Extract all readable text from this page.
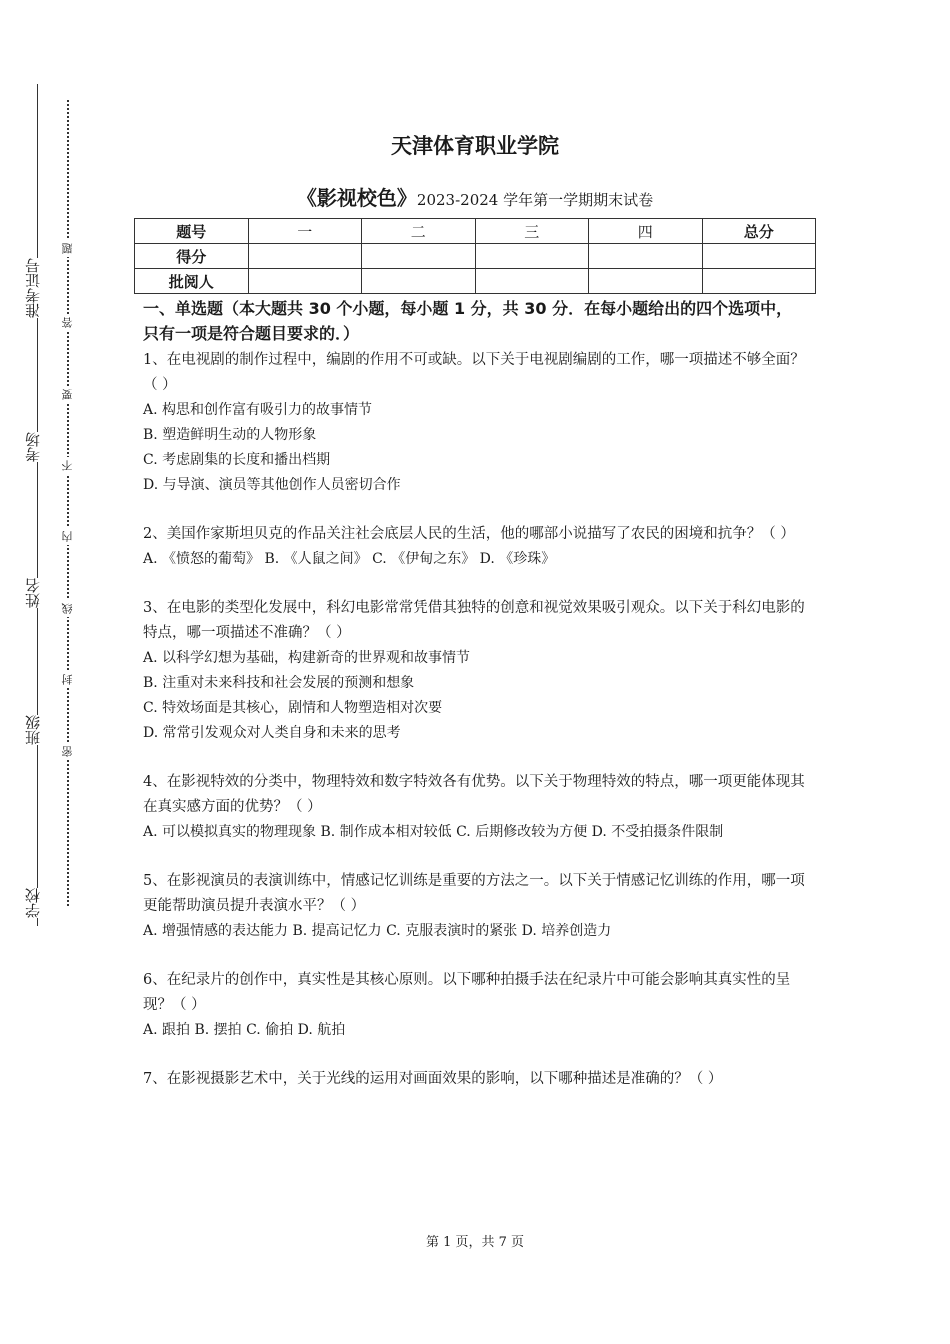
准考证号
考场
姓名
班级
学校
题
答
要
不
内
线
封
密
天津体育职业学院
《影视校色》2023-2024 学年第一学期期末试卷
题号	一	二	三	四	总分
得分					
批阅人					

一、单选题（本大题共 30 个小题，每小题 1 分，共 30 分．在每小题给出的四个选项中，只有一项是符合题目要求的．）

1、在电视剧的制作过程中，编剧的作用不可或缺。以下关于电视剧编剧的工作，哪一项描述不够全面？（ ）

A. 构思和创作富有吸引力的故事情节

B. 塑造鲜明生动的人物形象

C. 考虑剧集的长度和播出档期

D. 与导演、演员等其他创作人员密切合作

2、美国作家斯坦贝克的作品关注社会底层人民的生活，他的哪部小说描写了农民的困境和抗争？（ ）

A. 《愤怒的葡萄》 B. 《人鼠之间》 C. 《伊甸之东》 D. 《珍珠》

3、在电影的类型化发展中，科幻电影常常凭借其独特的创意和视觉效果吸引观众。以下关于科幻电影的特点，哪一项描述不准确？（ ）

A. 以科学幻想为基础，构建新奇的世界观和故事情节

B. 注重对未来科技和社会发展的预测和想象

C. 特效场面是其核心，剧情和人物塑造相对次要

D. 常常引发观众对人类自身和未来的思考

4、在影视特效的分类中，物理特效和数字特效各有优势。以下关于物理特效的特点，哪一项更能体现其在真实感方面的优势？（ ）

A. 可以模拟真实的物理现象 B. 制作成本相对较低 C. 后期修改较为方便 D. 不受拍摄条件限制

5、在影视演员的表演训练中，情感记忆训练是重要的方法之一。以下关于情感记忆训练的作用，哪一项更能帮助演员提升表演水平？（ ）

A. 增强情感的表达能力 B. 提高记忆力 C. 克服表演时的紧张 D. 培养创造力

6、在纪录片的创作中，真实性是其核心原则。以下哪种拍摄手法在纪录片中可能会影响其真实性的呈现？（ ）

A. 跟拍 B. 摆拍 C. 偷拍 D. 航拍

7、在影视摄影艺术中，关于光线的运用对画面效果的影响，以下哪种描述是准确的？（ ）

第 1 页，共 7 页
